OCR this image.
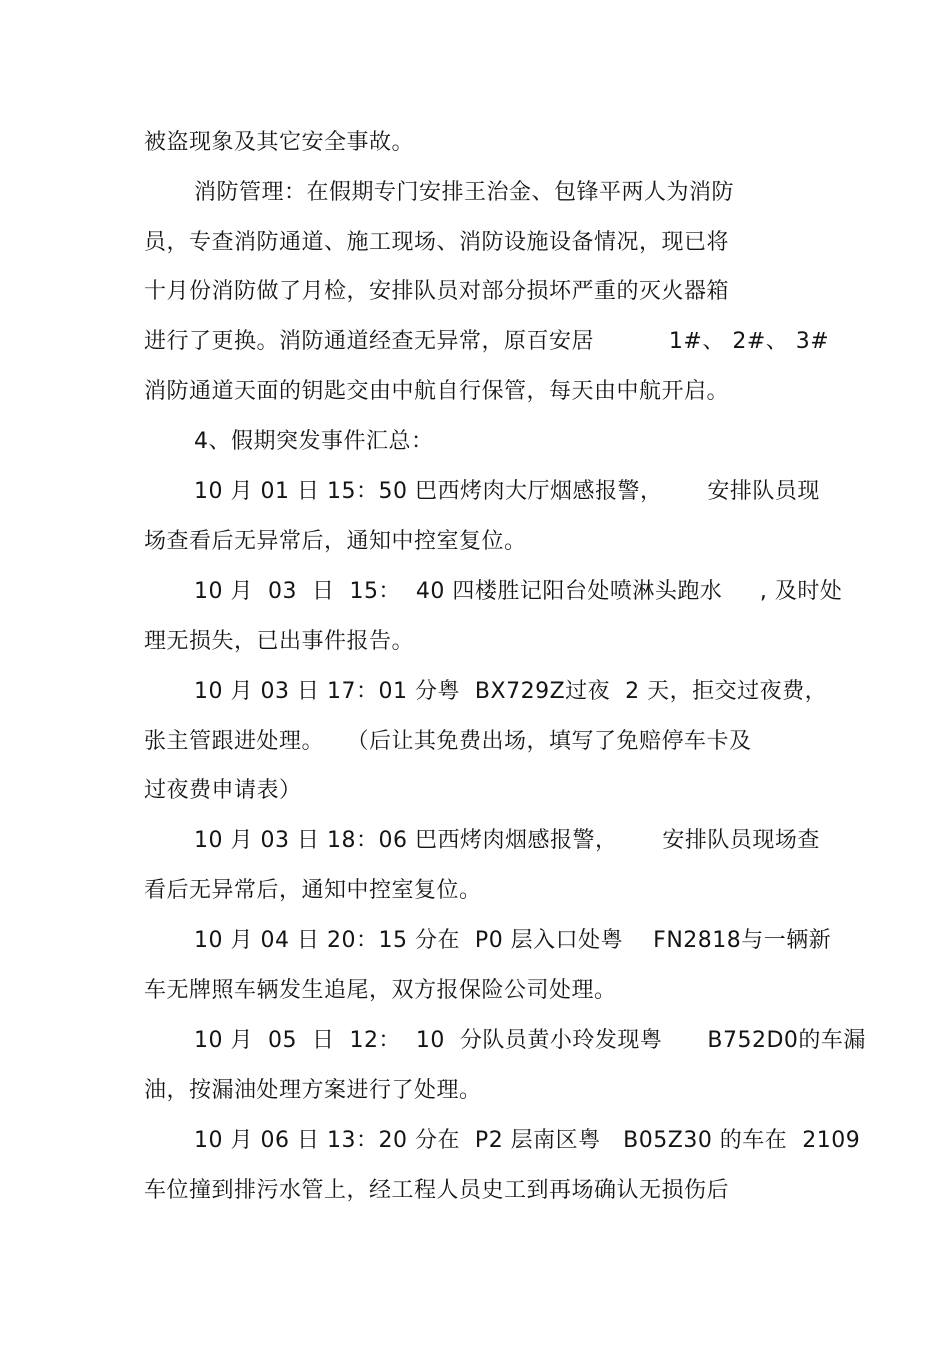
被盗现象及其它安全事故。
消防管理：在假期专门安排王治金、包锋平两人为消防
员，专查消防通道、施工现场、消防设施设备情况，现已将
十月份消防做了月检，安排队员对部分损坏严重的灭火器箱
进行了更换。消防通道经查无异常，原百安居          1#、 2#、 3#
消防通道天面的钥匙交由中航自行保管，每天由中航开启。
4、假期突发事件汇总：
10 月 01 日 15：50 巴西烤肉大厅烟感报警，      安排队员现
场查看后无异常后，通知中控室复位。
10 月  03  日  15：  40 四楼胜记阳台处喷淋头跑水     , 及时处
理无损失，已出事件报告。
10 月 03 日 17：01 分粤  BX729Z过夜  2 天，拒交过夜费，
张主管跟进处理。   （后让其免费出场，填写了免赔停车卡及
过夜费申请表）
10 月 03 日 18：06 巴西烤肉烟感报警，      安排队员现场查
看后无异常后，通知中控室复位。
10 月 04 日 20：15 分在  P0 层入口处粤    FN2818与一辆新
车无牌照车辆发生追尾，双方报保险公司处理。
10 月  05  日  12：  10  分队员黄小玲发现粤      B752D0的车漏
油，按漏油处理方案进行了处理。
10 月 06 日 13：20 分在  P2 层南区粤   B05Z30 的车在  2109
车位撞到排污水管上，经工程人员史工到再场确认无损伤后
